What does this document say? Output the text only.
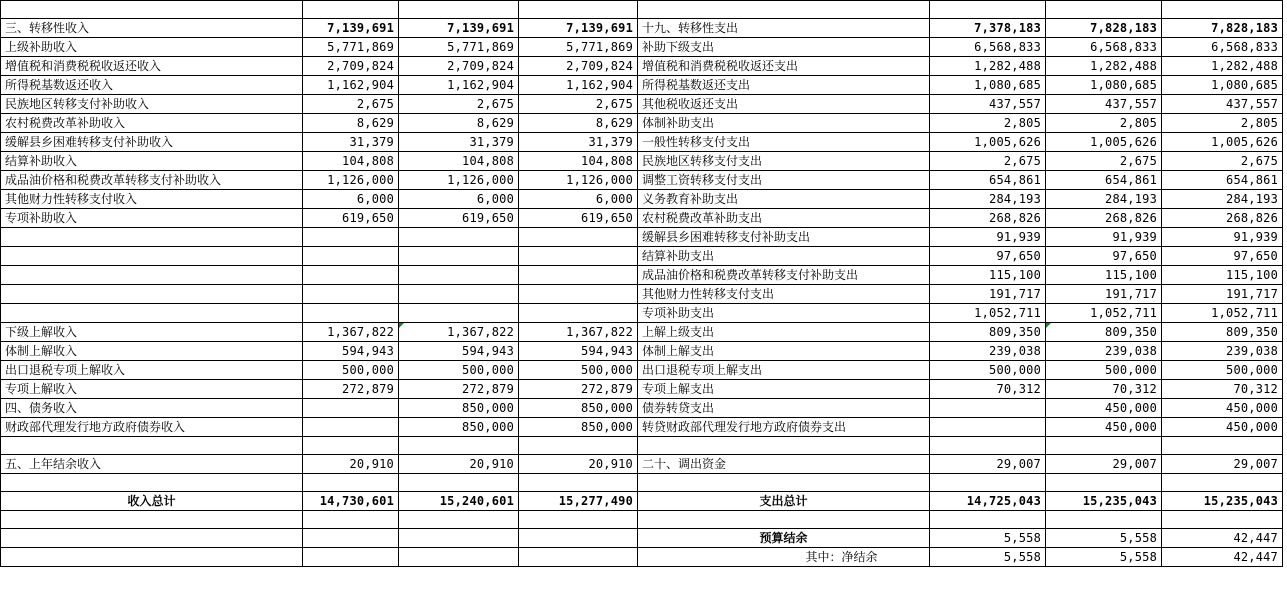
三、转移性收入	7,139,691	7,139,691	7,139,691	十九、转移性支出	7,378,183	7,828,183	7,828,183
上级补助收入	5,771,869	5,771,869	5,771,869	补助下级支出	6,568,833	6,568,833	6,568,833
增值税和消费税税收返还收入	2,709,824	2,709,824	2,709,824	增值税和消费税税收返还支出	1,282,488	1,282,488	1,282,488
所得税基数返还收入	1,162,904	1,162,904	1,162,904	所得税基数返还支出	1,080,685	1,080,685	1,080,685
民族地区转移支付补助收入	2,675	2,675	2,675	其他税收返还支出	437,557	437,557	437,557
农村税费改革补助收入	8,629	8,629	8,629	体制补助支出	2,805	2,805	2,805
缓解县乡困难转移支付补助收入	31,379	31,379	31,379	一般性转移支付支出	1,005,626	1,005,626	1,005,626
结算补助收入	104,808	104,808	104,808	民族地区转移支付支出	2,675	2,675	2,675
成品油价格和税费改革转移支付补助收入	1,126,000	1,126,000	1,126,000	调整工资转移支付支出	654,861	654,861	654,861
其他财力性转移支付收入	6,000	6,000	6,000	义务教育补助支出	284,193	284,193	284,193
专项补助收入	619,650	619,650	619,650	农村税费改革补助支出	268,826	268,826	268,826
				缓解县乡困难转移支付补助支出	91,939	91,939	91,939
				结算补助支出	97,650	97,650	97,650
				成品油价格和税费改革转移支付补助支出	115,100	115,100	115,100
				其他财力性转移支付支出	191,717	191,717	191,717
				专项补助支出	1,052,711	1,052,711	1,052,711
下级上解收入	1,367,822	1,367,822	1,367,822	上解上级支出	809,350	809,350	809,350
体制上解收入	594,943	594,943	594,943	体制上解支出	239,038	239,038	239,038
出口退税专项上解收入	500,000	500,000	500,000	出口退税专项上解支出	500,000	500,000	500,000
专项上解收入	272,879	272,879	272,879	专项上解支出	70,312	70,312	70,312
四、债务收入		850,000	850,000	债券转贷支出		450,000	450,000
财政部代理发行地方政府债券收入		850,000	850,000	转贷财政部代理发行地方政府债券支出		450,000	450,000

五、上年结余收入	20,910	20,910	20,910	二十、调出资金	29,007	29,007	29,007

收入总计	14,730,601	15,240,601	15,277,490	支出总计	14,725,043	15,235,043	15,235,043

				预算结余	5,558	5,558	42,447
				其中：净结余	5,558	5,558	42,447
